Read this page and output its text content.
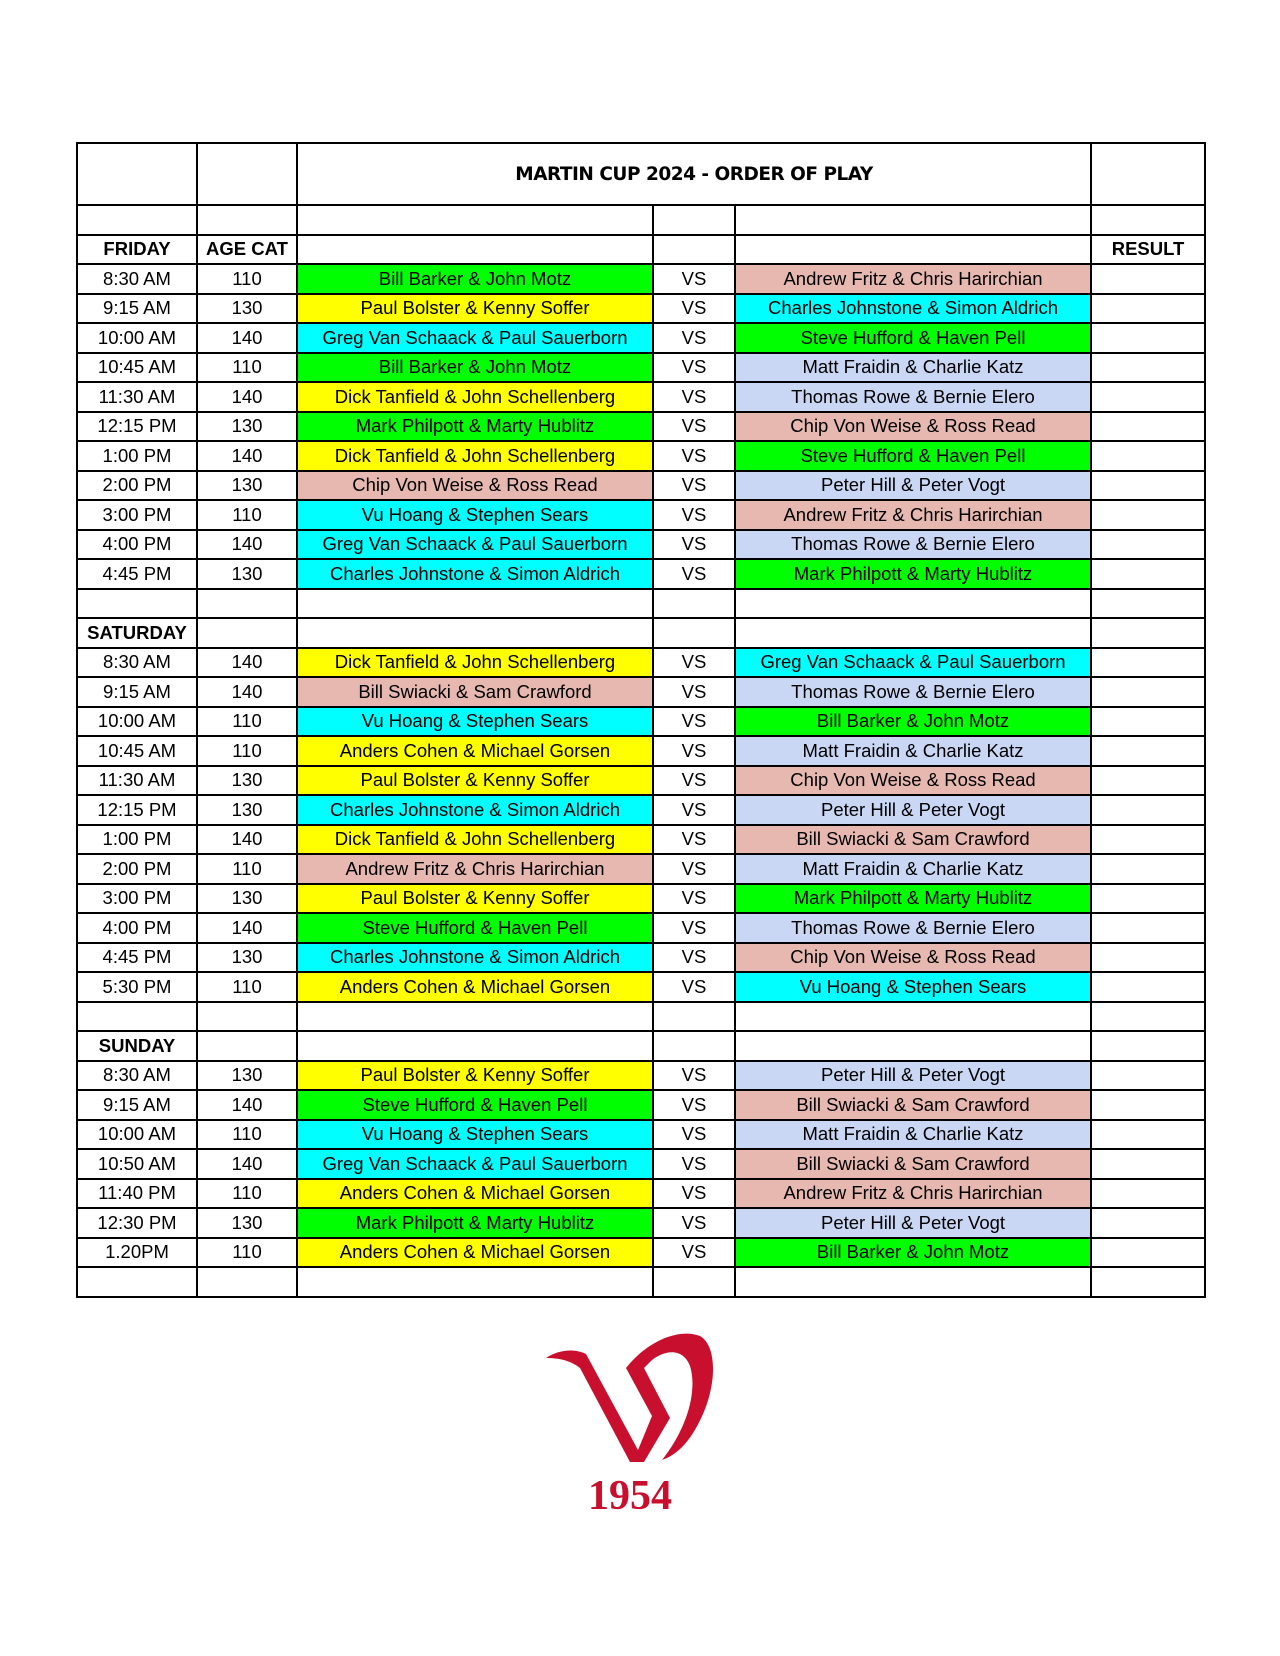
		MARTIN CUP 2024 - ORDER OF PLAY			

FRIDAY	AGE CAT				RESULT
8:30 AM	110	Bill Barker & John Motz	VS	Andrew Fritz & Chris Harirchian	
9:15 AM	130	Paul Bolster & Kenny Soffer	VS	Charles Johnstone & Simon Aldrich	
10:00 AM	140	Greg Van Schaack & Paul Sauerborn	VS	Steve Hufford & Haven Pell	
10:45 AM	110	Bill Barker & John Motz	VS	Matt Fraidin & Charlie Katz	
11:30 AM	140	Dick Tanfield & John Schellenberg	VS	Thomas Rowe & Bernie Elero	
12:15 PM	130	Mark Philpott & Marty Hublitz	VS	Chip Von Weise & Ross Read	
1:00 PM	140	Dick Tanfield & John Schellenberg	VS	Steve Hufford & Haven Pell	
2:00 PM	130	Chip Von Weise & Ross Read	VS	Peter Hill & Peter Vogt	
3:00 PM	110	Vu Hoang & Stephen Sears	VS	Andrew Fritz & Chris Harirchian	
4:00 PM	140	Greg Van Schaack & Paul Sauerborn	VS	Thomas Rowe & Bernie Elero	
4:45 PM	130	Charles Johnstone & Simon Aldrich	VS	Mark Philpott & Marty Hublitz	

SATURDAY					
8:30 AM	140	Dick Tanfield & John Schellenberg	VS	Greg Van Schaack & Paul Sauerborn	
9:15 AM	140	Bill Swiacki & Sam Crawford	VS	Thomas Rowe & Bernie Elero	
10:00 AM	110	Vu Hoang & Stephen Sears	VS	Bill Barker & John Motz	
10:45 AM	110	Anders Cohen & Michael Gorsen	VS	Matt Fraidin & Charlie Katz	
11:30 AM	130	Paul Bolster & Kenny Soffer	VS	Chip Von Weise & Ross Read	
12:15 PM	130	Charles Johnstone & Simon Aldrich	VS	Peter Hill & Peter Vogt	
1:00 PM	140	Dick Tanfield & John Schellenberg	VS	Bill Swiacki & Sam Crawford	
2:00 PM	110	Andrew Fritz & Chris Harirchian	VS	Matt Fraidin & Charlie Katz	
3:00 PM	130	Paul Bolster & Kenny Soffer	VS	Mark Philpott & Marty Hublitz	
4:00 PM	140	Steve Hufford & Haven Pell	VS	Thomas Rowe & Bernie Elero	
4:45 PM	130	Charles Johnstone & Simon Aldrich	VS	Chip Von Weise & Ross Read	
5:30 PM	110	Anders Cohen & Michael Gorsen	VS	Vu Hoang & Stephen Sears	

SUNDAY					
8:30 AM	130	Paul Bolster & Kenny Soffer	VS	Peter Hill & Peter Vogt	
9:15 AM	140	Steve Hufford & Haven Pell	VS	Bill Swiacki & Sam Crawford	
10:00 AM	110	Vu Hoang & Stephen Sears	VS	Matt Fraidin & Charlie Katz	
10:50 AM	140	Greg Van Schaack & Paul Sauerborn	VS	Bill Swiacki & Sam Crawford	
11:40 PM	110	Anders Cohen & Michael Gorsen	VS	Andrew Fritz & Chris Harirchian	
12:30 PM	130	Mark Philpott & Marty Hublitz	VS	Peter Hill & Peter Vogt	
1.20PM	110	Anders Cohen & Michael Gorsen	VS	Bill Barker & John Motz	

1954
